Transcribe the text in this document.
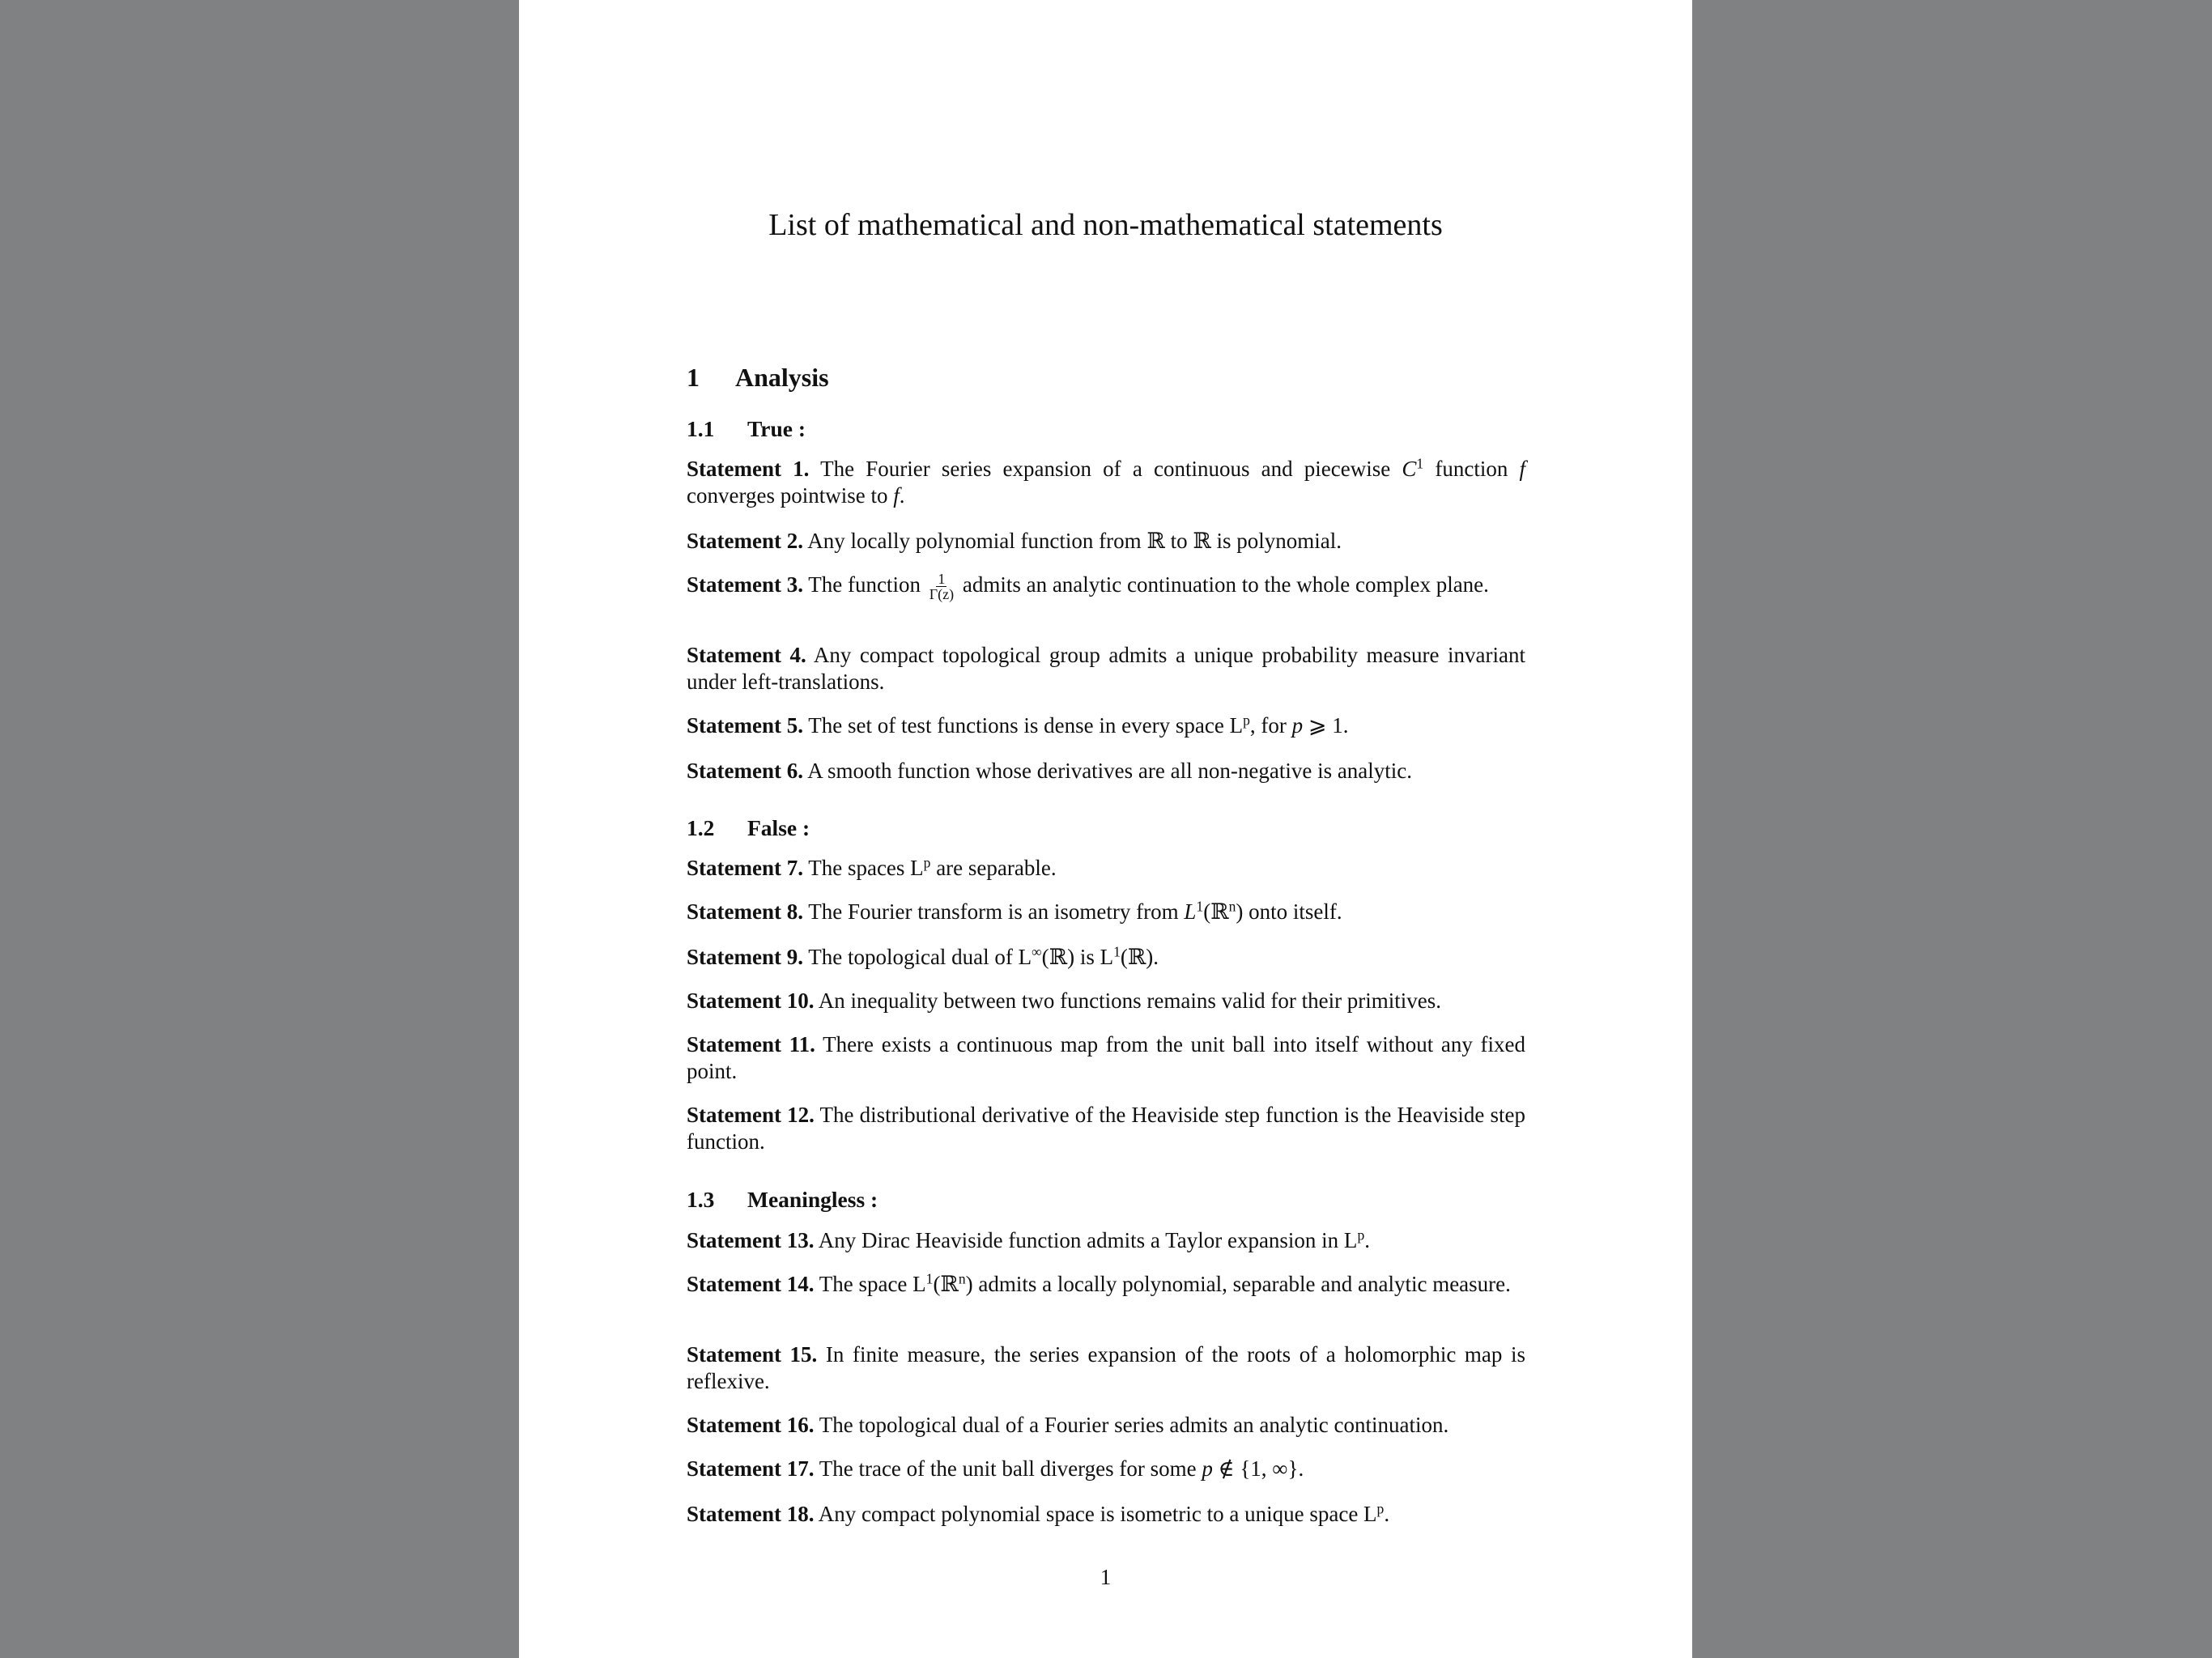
List of mathematical and non-mathematical statements
1 Analysis
1.1 True :
1.2 False :
1.3 Meaningless :
Statement 1. The Fourier series expansion of a continuous and piecewise $C^1$ function f converges pointwise to f.
Statement 2. Any locally polynomial function from ℝ to ℝ is polynomial.
Statement 3. The function $\frac{1}{\Gamma(z)}$ admits an analytic continuation to the whole complex plane.
Statement 4. Any compact topological group admits a unique probability measure invariant under left-translations.
Statement 5. The set of test functions is dense in every space $L^p$, for p ⩾ 1.
Statement 6. A smooth function whose derivatives are all non-negative is analytic.
Statement 7. The spaces $L^p$ are separable.
Statement 8. The Fourier transform is an isometry from $L^1(ℝ^n)$ onto itself.
Statement 9. The topological dual of L∞(ℝ) is $L^1(ℝ)$.
Statement 10. An inequality between two functions remains valid for their primitives.
Statement 11. There exists a continuous map from the unit ball into itself without any fixed point.
Statement 12. The distributional derivative of the Heaviside step function is the Heaviside step function.
Statement 13. Any Dirac Heaviside function admits a Taylor expansion in $L^p$.
Statement 14. The space $L^1(ℝ^n)$ admits a locally polynomial, separable and analytic measure.
Statement 15. In finite measure, the series expansion of the roots of a holomorphic map is reflexive.
Statement 16. The topological dual of a Fourier series admits an analytic continuation.
Statement 17. The trace of the unit ball diverges for some p ∉ {1, ∞}.
Statement 18. Any compact polynomial space is isometric to a unique space $L^p$.
1
